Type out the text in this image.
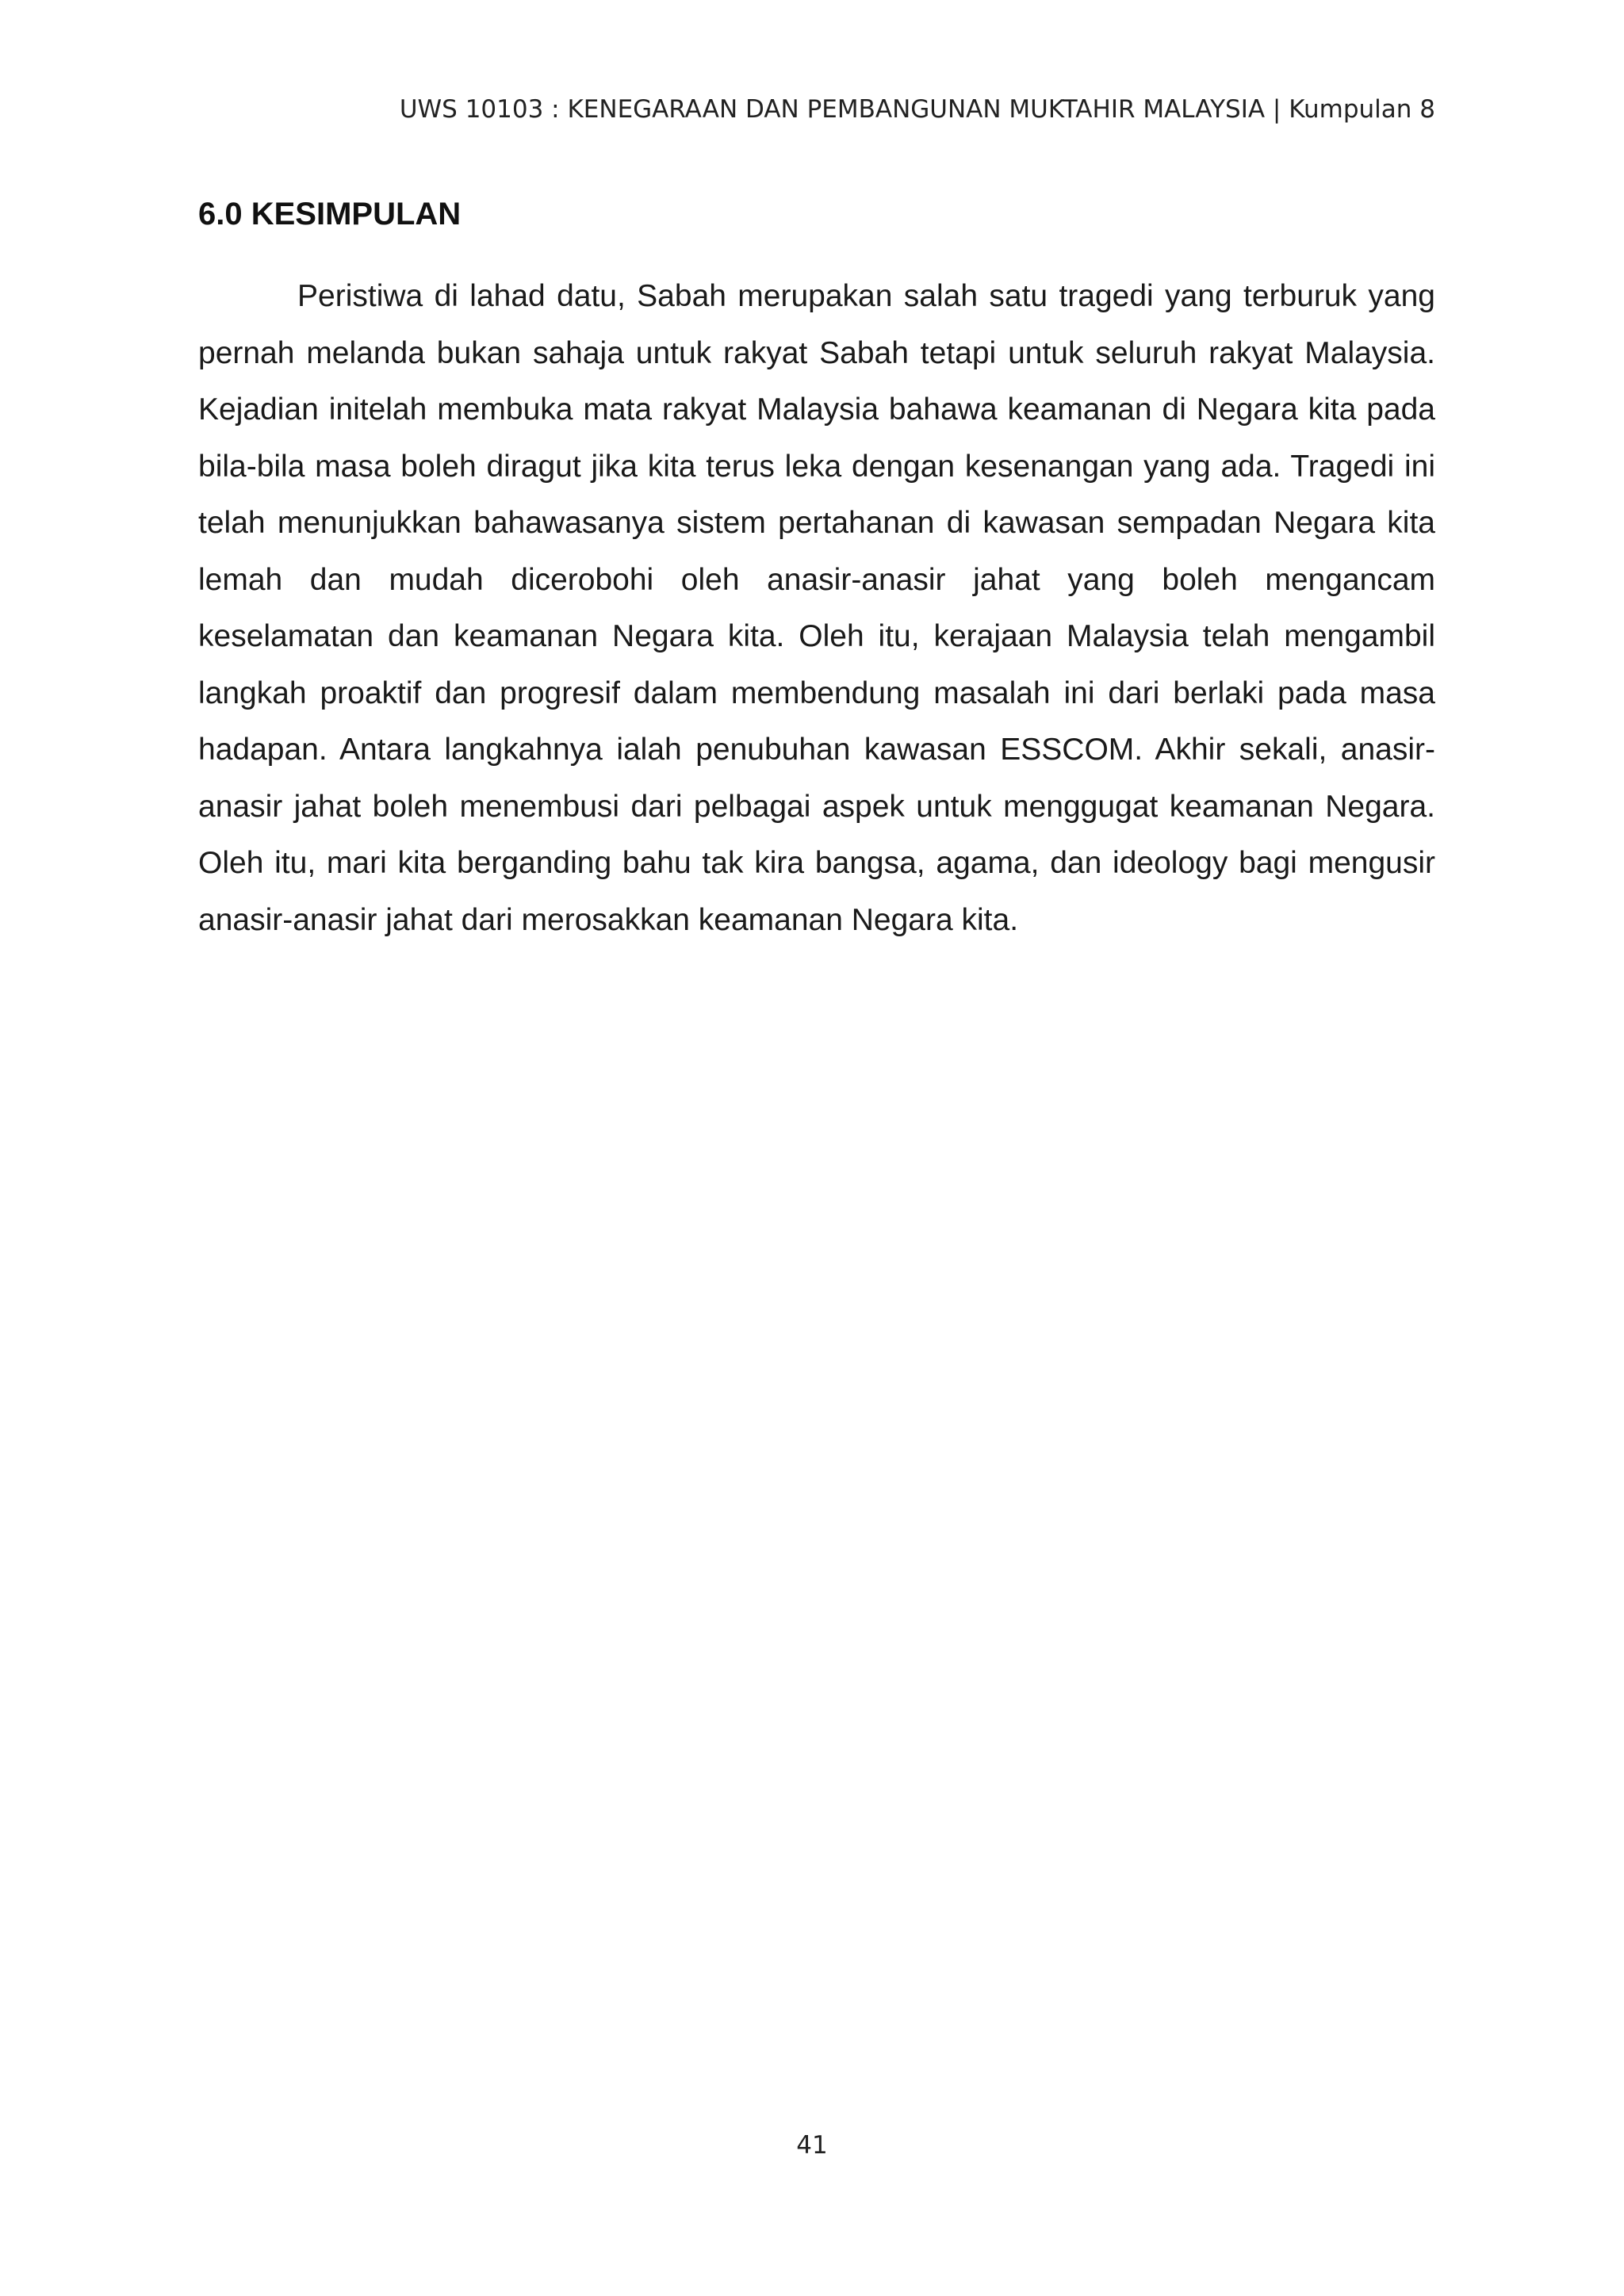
UWS 10103 : KENEGARAAN DAN PEMBANGUNAN MUKTAHIR MALAYSIA | Kumpulan 8
6.0 KESIMPULAN

Peristiwa di lahad datu, Sabah merupakan salah satu tragedi yang terburuk yang pernah melanda bukan sahaja untuk rakyat Sabah tetapi untuk seluruh rakyat Malaysia. Kejadian initelah membuka mata rakyat Malaysia bahawa keamanan di Negara kita pada bila-bila masa boleh diragut jika kita terus leka dengan kesenangan yang ada. Tragedi ini telah menunjukkan bahawasanya sistem pertahanan di kawasan sempadan Negara kita lemah dan mudah dicerobohi oleh anasir-anasir jahat yang boleh mengancam keselamatan dan keamanan Negara kita. Oleh itu, kerajaan Malaysia telah mengambil langkah proaktif dan progresif dalam membendung masalah ini dari berlaki pada masa hadapan. Antara langkahnya ialah penubuhan kawasan ESSCOM. Akhir sekali, anasir-anasir jahat boleh menembusi dari pelbagai aspek untuk menggugat keamanan Negara. Oleh itu, mari kita berganding bahu tak kira bangsa, agama, dan ideology bagi mengusir anasir-anasir jahat dari merosakkan keamanan Negara kita.

41
